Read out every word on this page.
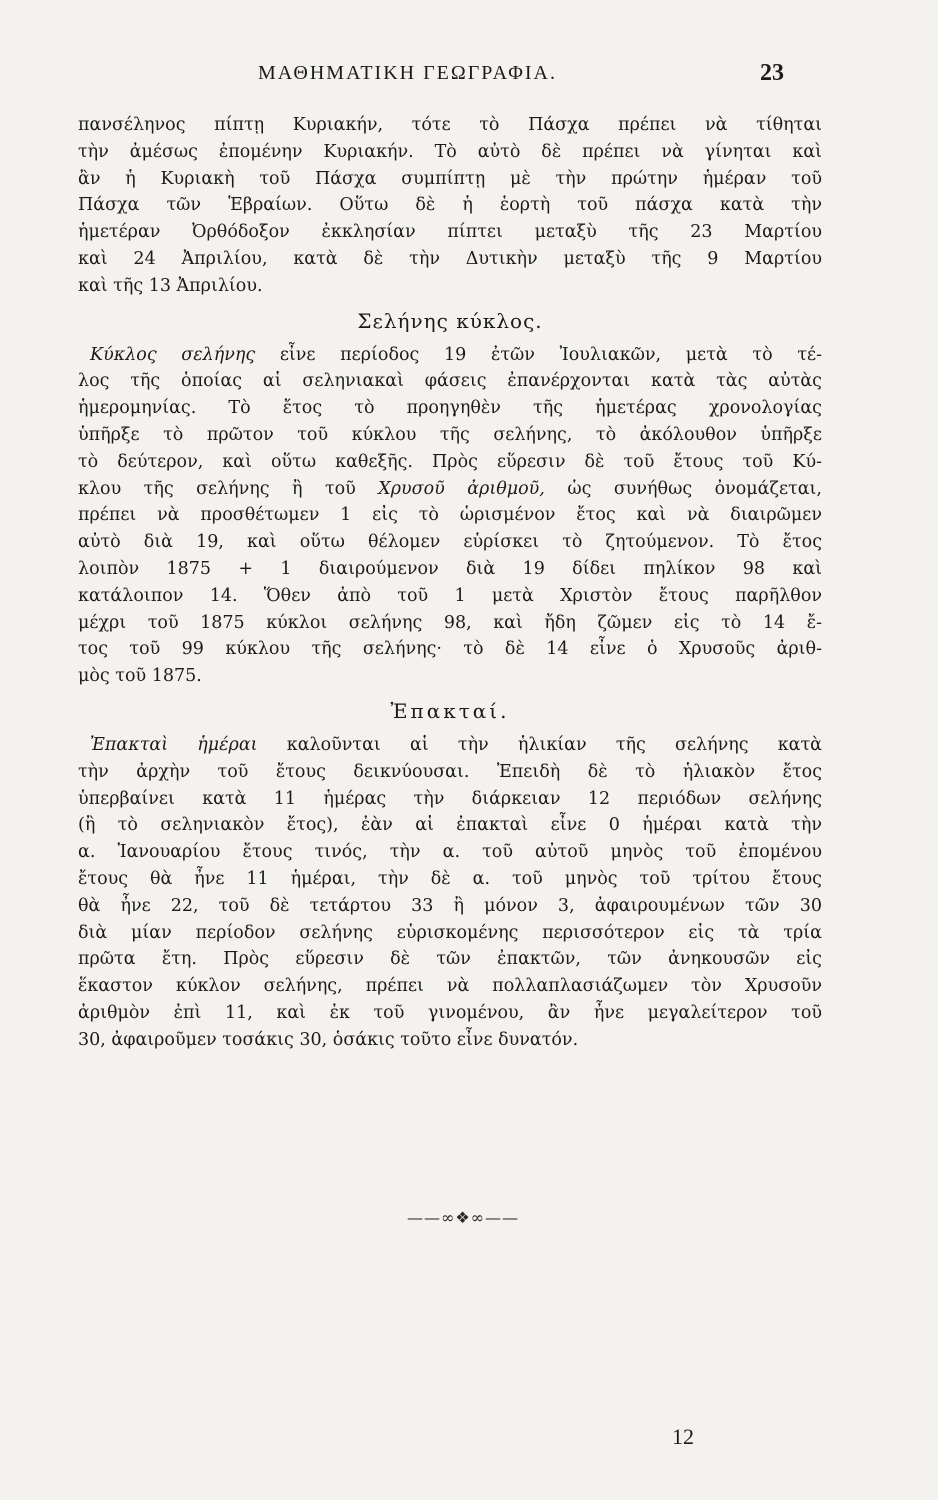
ΜΑΘΗΜΑΤΙΚΗ ΓΕΩΓΡΑΦΙΑ.	23
πανσέληνος πίπτῃ Κυριακήν, τότε τὸ Πάσχα πρέπει νὰ τίθηται
τὴν ἀμέσως ἐπομένην Κυριακήν. Τὸ αὐτὸ δὲ πρέπει νὰ γίνηται καὶ
ἂν ἡ Κυριακὴ τοῦ Πάσχα συμπίπτῃ μὲ τὴν πρώτην ἡμέραν τοῦ
Πάσχα τῶν Ἑβραίων. Οὕτω δὲ ἡ ἑορτὴ τοῦ πάσχα κατὰ τὴν
ἡμετέραν Ὀρθόδοξον ἐκκλησίαν πίπτει μεταξὺ τῆς 23 Μαρτίου
καὶ 24 Ἀπριλίου, κατὰ δὲ τὴν Δυτικὴν μεταξὺ τῆς 9 Μαρτίου
καὶ τῆς 13 Ἀπριλίου.
Σελήνης κύκλος.
Κύκλος σελήνης εἶνε περίοδος 19 ἐτῶν Ἰουλιακῶν, μετὰ τὸ τέ-
λος τῆς ὁποίας αἱ σεληνιακαὶ φάσεις ἐπανέρχονται κατὰ τὰς αὐτὰς
ἡμερομηνίας. Τὸ ἔτος τὸ προηγηθὲν τῆς ἡμετέρας χρονολογίας
ὑπῆρξε τὸ πρῶτον τοῦ κύκλου τῆς σελήνης, τὸ ἀκόλουθον ὑπῆρξε
τὸ δεύτερον, καὶ οὕτω καθεξῆς. Πρὸς εὕρεσιν δὲ τοῦ ἔτους τοῦ Κύ-
κλου τῆς σελήνης ἢ τοῦ Χρυσοῦ ἀριθμοῦ, ὡς συνήθως ὀνομάζεται,
πρέπει νὰ προσθέτωμεν 1 εἰς τὸ ὡρισμένον ἔτος καὶ νὰ διαιρῶμεν
αὐτὸ διὰ 19, καὶ οὕτω θέλομεν εὑρίσκει τὸ ζητούμενον. Τὸ ἔτος
λοιπὸν 1875 + 1 διαιρούμενον διὰ 19 δίδει πηλίκον 98 καὶ
κατάλοιπον 14. Ὅθεν ἀπὸ τοῦ 1 μετὰ Χριστὸν ἔτους παρῆλθον
μέχρι τοῦ 1875 κύκλοι σελήνης 98, καὶ ἤδη ζῶμεν εἰς τὸ 14 ἔ-
τος τοῦ 99 κύκλου τῆς σελήνης· τὸ δὲ 14 εἶνε ὁ Χρυσοῦς ἀριθ-
μὸς τοῦ 1875.
Ἐπακταί.
Ἐπακταὶ ἡμέραι καλοῦνται αἱ τὴν ἡλικίαν τῆς σελήνης κατὰ
τὴν ἀρχὴν τοῦ ἔτους δεικνύουσαι. Ἐπειδὴ δὲ τὸ ἡλιακὸν ἔτος
ὑπερβαίνει κατὰ 11 ἡμέρας τὴν διάρκειαν 12 περιόδων σελήνης
(ἢ τὸ σεληνιακὸν ἔτος), ἐὰν αἱ ἐπακταὶ εἶνε 0 ἡμέραι κατὰ τὴν
α. Ἰανουαρίου ἔτους τινός, τὴν α. τοῦ αὐτοῦ μηνὸς τοῦ ἐπομένου
ἔτους θὰ ἦνε 11 ἡμέραι, τὴν δὲ α. τοῦ μηνὸς τοῦ τρίτου ἔτους
θὰ ἦνε 22, τοῦ δὲ τετάρτου 33 ἢ μόνον 3, ἀφαιρουμένων τῶν 30
διὰ μίαν περίοδον σελήνης εὑρισκομένης περισσότερον εἰς τὰ τρία
πρῶτα ἔτη. Πρὸς εὕρεσιν δὲ τῶν ἐπακτῶν, τῶν ἀνηκουσῶν εἰς
ἕκαστον κύκλον σελήνης, πρέπει νὰ πολλαπλασιάζωμεν τὸν Χρυσοῦν
ἀριθμὸν ἐπὶ 11, καὶ ἐκ τοῦ γινομένου, ἂν ἦνε μεγαλείτερον τοῦ
30, ἀφαιροῦμεν τοσάκις 30, ὁσάκις τοῦτο εἶνε δυνατόν.
——∞❖∞——
12
